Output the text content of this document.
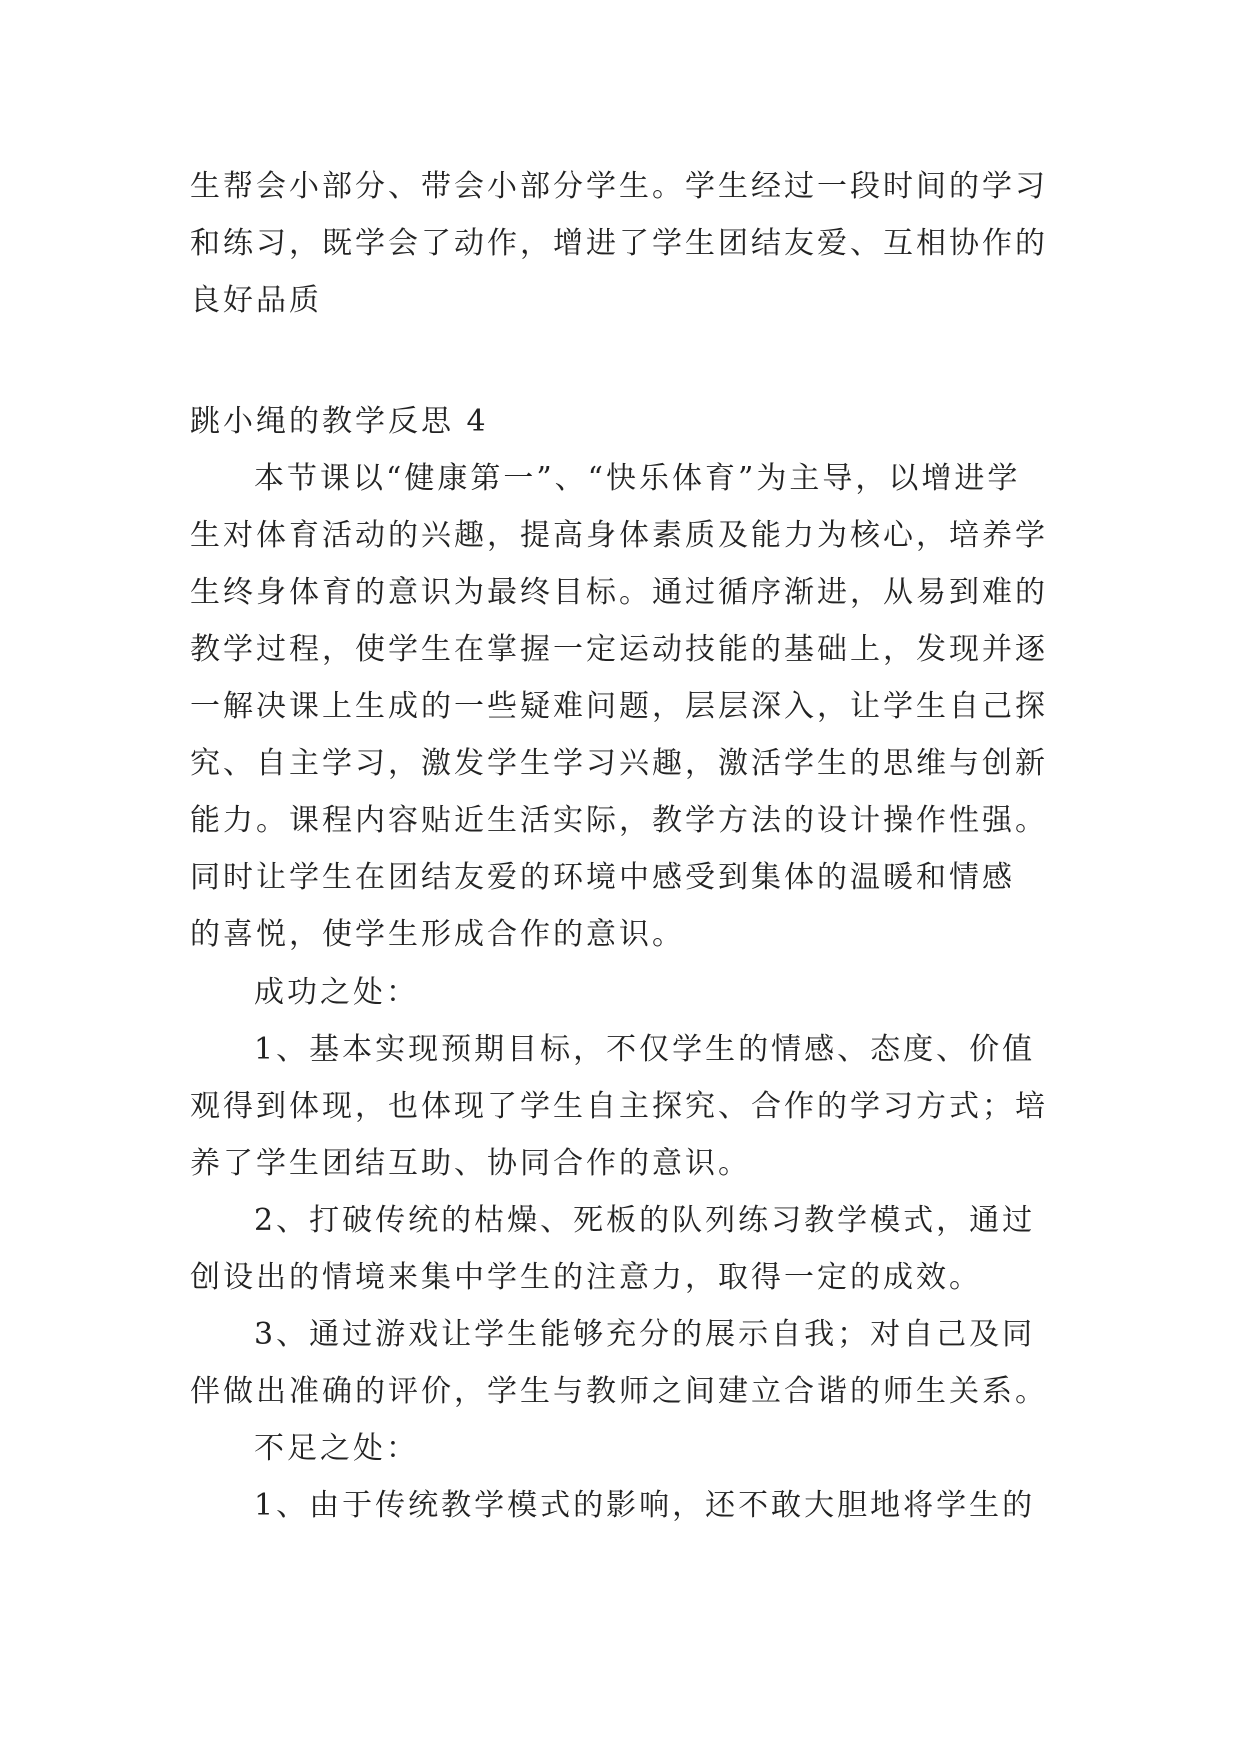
生帮会小部分、带会小部分学生。学生经过一段时间的学习
和练习，既学会了动作，增进了学生团结友爱、互相协作的
良好品质
跳小绳的教学反思 4
本节课以“健康第一”、“快乐体育”为主导，以增进学
生对体育活动的兴趣，提高身体素质及能力为核心，培养学
生终身体育的意识为最终目标。通过循序渐进，从易到难的
教学过程，使学生在掌握一定运动技能的基础上，发现并逐
一解决课上生成的一些疑难问题，层层深入，让学生自己探
究、自主学习，激发学生学习兴趣，激活学生的思维与创新
能力。课程内容贴近生活实际，教学方法的设计操作性强。
同时让学生在团结友爱的环境中感受到集体的温暖和情感
的喜悦，使学生形成合作的意识。
成功之处：
1、基本实现预期目标，不仅学生的情感、态度、价值
观得到体现，也体现了学生自主探究、合作的学习方式；培
养了学生团结互助、协同合作的意识。
2、打破传统的枯燥、死板的队列练习教学模式，通过
创设出的情境来集中学生的注意力，取得一定的成效。
3、通过游戏让学生能够充分的展示自我；对自己及同
伴做出准确的评价，学生与教师之间建立合谐的师生关系。
不足之处：
1、由于传统教学模式的影响，还不敢大胆地将学生的
